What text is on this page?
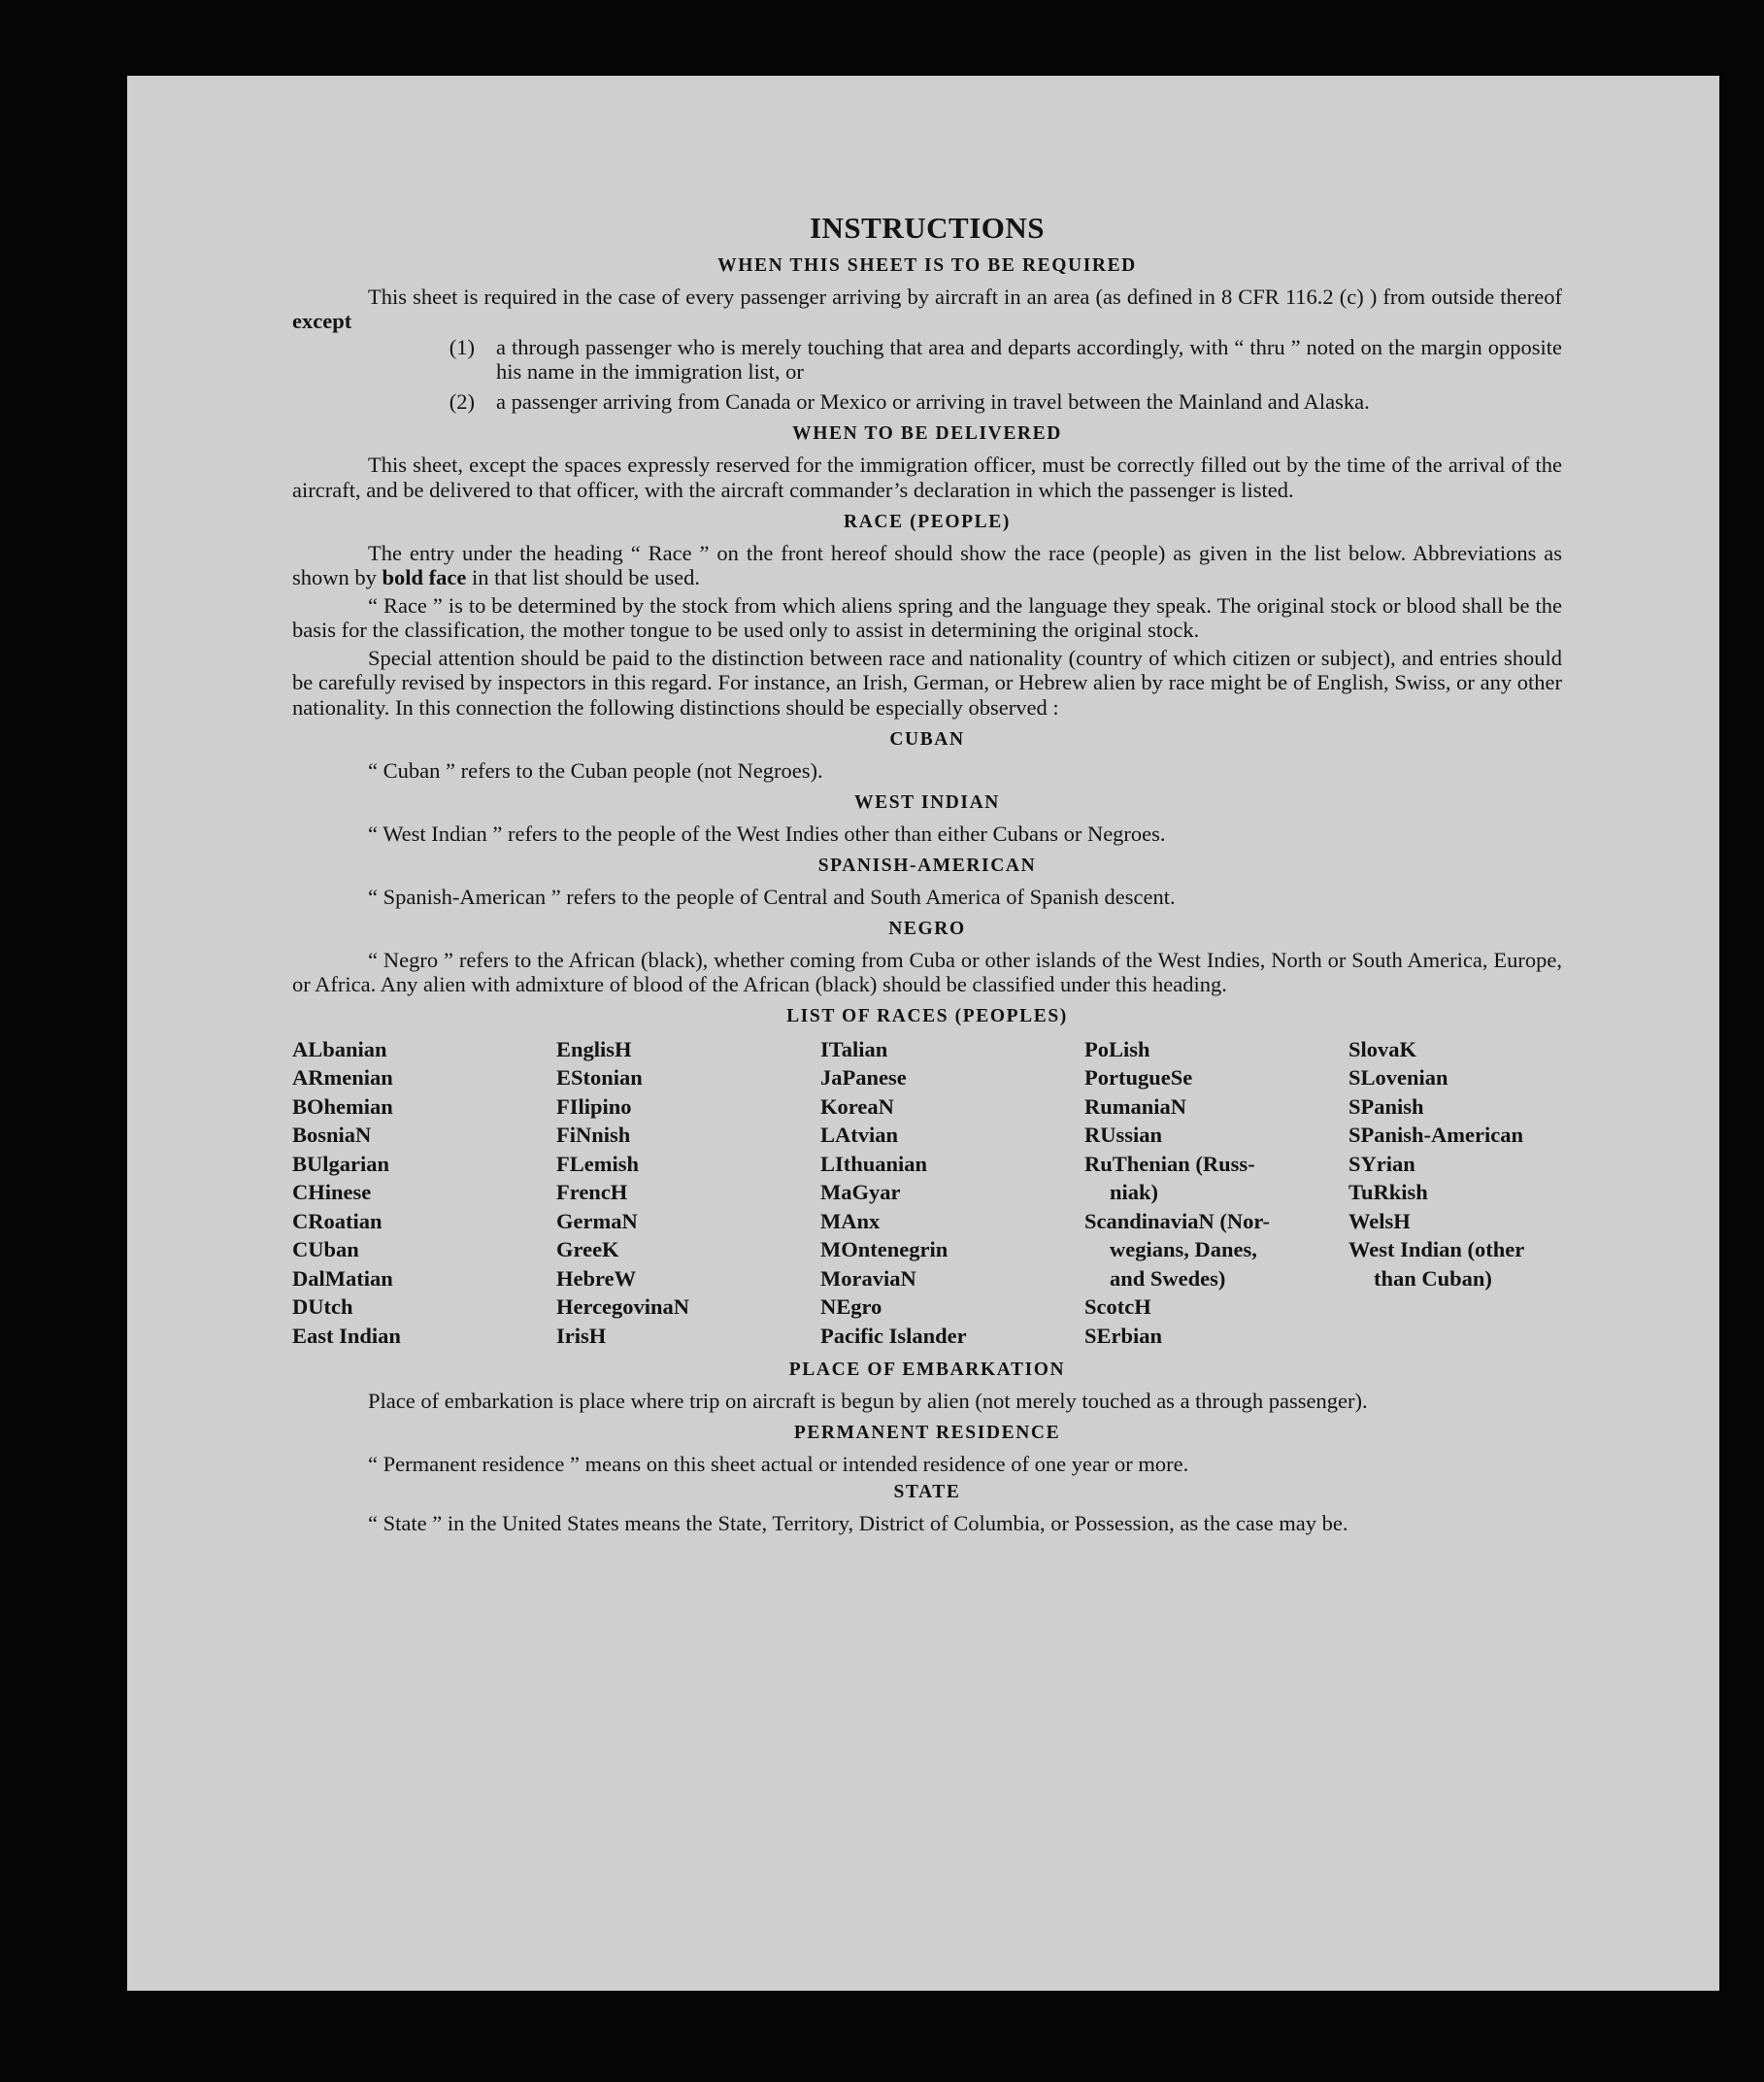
INSTRUCTIONS
WHEN THIS SHEET IS TO BE REQUIRED

This sheet is required in the case of every passenger arriving by aircraft in an area (as defined in 8 CFR 116.2 (c) ) from outside thereof except

(1) a through passenger who is merely touching that area and departs accordingly, with “ thru ” noted on the margin opposite his name in the immigration list, or
(2) a passenger arriving from Canada or Mexico or arriving in travel between the Mainland and Alaska.
WHEN TO BE DELIVERED

This sheet, except the spaces expressly reserved for the immigration officer, must be correctly filled out by the time of the arrival of the aircraft, and be delivered to that officer, with the aircraft commander’s declaration in which the passenger is listed.

RACE (PEOPLE)

The entry under the heading “ Race ” on the front hereof should show the race (people) as given in the list below. Abbreviations as shown by bold face in that list should be used.

“ Race ” is to be determined by the stock from which aliens spring and the language they speak. The original stock or blood shall be the basis for the classification, the mother tongue to be used only to assist in determining the original stock.

Special attention should be paid to the distinction between race and nationality (country of which citizen or subject), and entries should be carefully revised by inspectors in this regard. For instance, an Irish, German, or Hebrew alien by race might be of English, Swiss, or any other nationality. In this connection the following distinctions should be especially observed :

CUBAN

“ Cuban ” refers to the Cuban people (not Negroes).

WEST INDIAN

“ West Indian ” refers to the people of the West Indies other than either Cubans or Negroes.

SPANISH-AMERICAN

“ Spanish-American ” refers to the people of Central and South America of Spanish descent.

NEGRO

“ Negro ” refers to the African (black), whether coming from Cuba or other islands of the West Indies, North or South America, Europe, or Africa. Any alien with admixture of blood of the African (black) should be classified under this heading.

LIST OF RACES (PEOPLES)
ALbanian
ARmenian
BOhemian
BosniaN
BUlgarian
CHinese
CRoatian
CUban
DalMatian
DUtch
East Indian
EnglisH
EStonian
FIlipino
FiNnish
FLemish
FrencH
GermaN
GreeK
HebreW
HercegovinaN
IrisH
ITalian
JaPanese
KoreaN
LAtvian
LIthuanian
MaGyar
MAnx
MOntenegrin
MoraviaN
NEgro
Pacific Islander
PoLish
PortugueSe
RumaniaN
RUssian
RuThenian (Russ-
niak)
ScandinaviaN (Nor-
wegians, Danes,
and Swedes)
ScotcH
SErbian
SlovaK
SLovenian
SPanish
SPanish-American
SYrian
TuRkish
WelsH
West Indian (other
than Cuban)
PLACE OF EMBARKATION

Place of embarkation is place where trip on aircraft is begun by alien (not merely touched as a through passenger).

PERMANENT RESIDENCE

“ Permanent residence ” means on this sheet actual or intended residence of one year or more.

STATE

“ State ” in the United States means the State, Territory, District of Columbia, or Possession, as the case may be.
